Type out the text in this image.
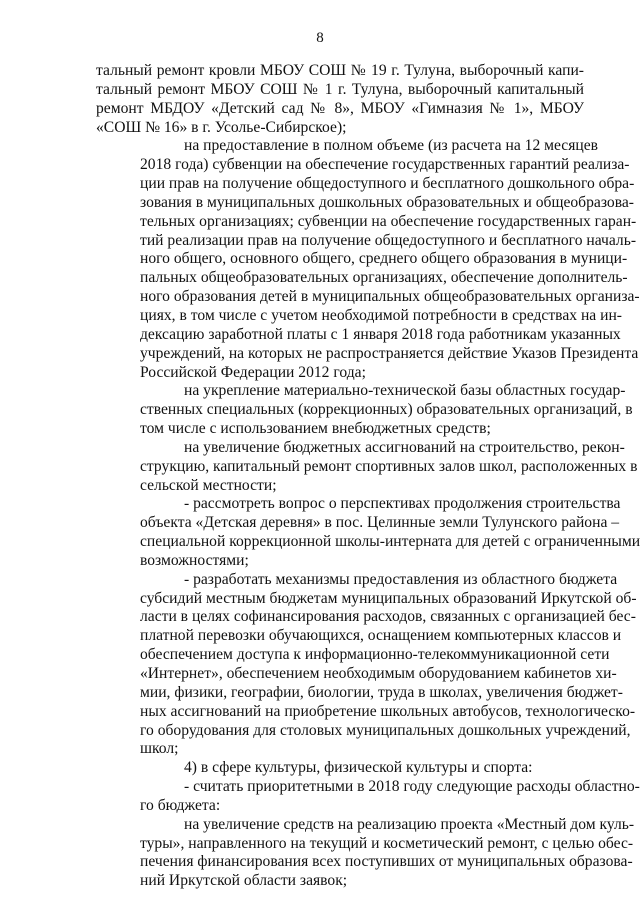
8
тальный ремонт кровли МБОУ СОШ № 19 г. Тулуна, выборочный капи-
тальный ремонт МБОУ СОШ № 1 г. Тулуна, выборочный капитальный
ремонт МБДОУ «Детский сад № 8», МБОУ «Гимназия № 1», МБОУ
«СОШ № 16» в г. Усолье-Сибирское);
на предоставление в полном объеме (из расчета на 12 месяцев
2018 года) субвенции на обеспечение государственных гарантий реализа-
ции прав на получение общедоступного и бесплатного дошкольного обра-
зования в муниципальных дошкольных образовательных и общеобразова-
тельных организациях; субвенции на обеспечение государственных гаран-
тий реализации прав на получение общедоступного и бесплатного началь-
ного общего, основного общего, среднего общего образования в муници-
пальных общеобразовательных организациях, обеспечение дополнитель-
ного образования детей в муниципальных общеобразовательных организа-
циях, в том числе с учетом необходимой потребности в средствах на ин-
дексацию заработной платы с 1 января 2018 года работникам указанных
учреждений, на которых не распространяется действие Указов Президента
Российской Федерации 2012 года;
на укрепление материально-технической базы областных государ-
ственных специальных (коррекционных) образовательных организаций, в
том числе с использованием внебюджетных средств;
на увеличение бюджетных ассигнований на строительство, рекон-
струкцию, капитальный ремонт спортивных залов школ, расположенных в
сельской местности;
- рассмотреть вопрос о перспективах продолжения строительства
объекта «Детская деревня» в пос. Целинные земли Тулунского района –
специальной коррекционной школы-интерната для детей с ограниченными
возможностями;
- разработать механизмы предоставления из областного бюджета
субсидий местным бюджетам муниципальных образований Иркутской об-
ласти в целях софинансирования расходов, связанных с организацией бес-
платной перевозки обучающихся, оснащением компьютерных классов и
обеспечением доступа к информационно-телекоммуникационной сети
«Интернет», обеспечением необходимым оборудованием кабинетов хи-
мии, физики, географии, биологии, труда в школах, увеличения бюджет-
ных ассигнований на приобретение школьных автобусов, технологическо-
го оборудования для столовых муниципальных дошкольных учреждений,
школ;
4) в сфере культуры, физической культуры и спорта:
- считать приоритетными в 2018 году следующие расходы областно-
го бюджета:
на увеличение средств на реализацию проекта «Местный дом куль-
туры», направленного на текущий и косметический ремонт, с целью обес-
печения финансирования всех поступивших от муниципальных образова-
ний Иркутской области заявок;
